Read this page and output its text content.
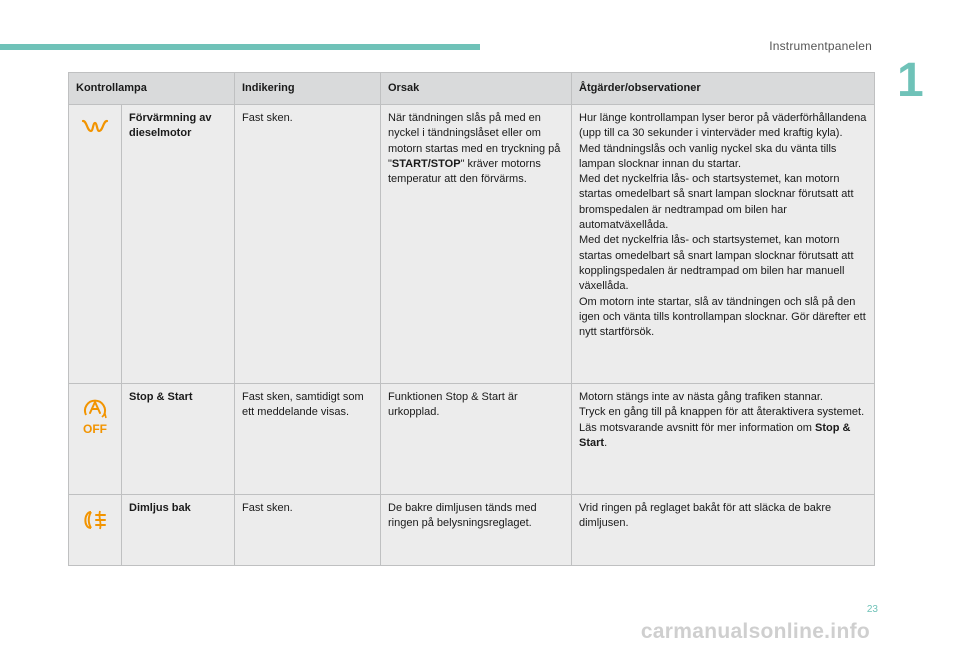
Instrumentpanelen
1
Kontrollampa		Indikering	Orsak	Åtgärder/observationer
	Förvärmning av dieselmotor	Fast sken.	När tändningen slås på med en nyckel i tändningslåset eller om motorn startas med en tryckning på "START/STOP" kräver motorns temperatur att den förvärms.	Hur länge kontrollampan lyser beror på väderförhållandena (upp till ca 30 sekunder i vinterväder med kraftig kyla).
Med tändningslås och vanlig nyckel ska du vänta tills lampan slocknar innan du startar.
Med det nyckelfria lås- och startsystemet, kan motorn startas omedelbart så snart lampan slocknar förutsatt att bromspedalen är nedtrampad om bilen har automatväxellåda.
Med det nyckelfria lås- och startsystemet, kan motorn startas omedelbart så snart lampan slocknar förutsatt att kopplingspedalen är nedtrampad om bilen har manuell växellåda.
Om motorn inte startar, slå av tändningen och slå på den igen och vänta tills kontrollampan slocknar. Gör därefter ett nytt startförsök.

OFF	Stop & Start	Fast sken, samtidigt som ett meddelande visas.	Funktionen Stop & Start är urkopplad.	Motorn stängs inte av nästa gång trafiken stannar.
Tryck en gång till på knappen för att återaktivera systemet.
Läs motsvarande avsnitt för mer information om Stop & Start.
	Dimljus bak	Fast sken.	De bakre dimljusen tänds med ringen på belysningsreglaget.	Vrid ringen på reglaget bakåt för att släcka de bakre dimljusen.
23
carmanualsonline.info
